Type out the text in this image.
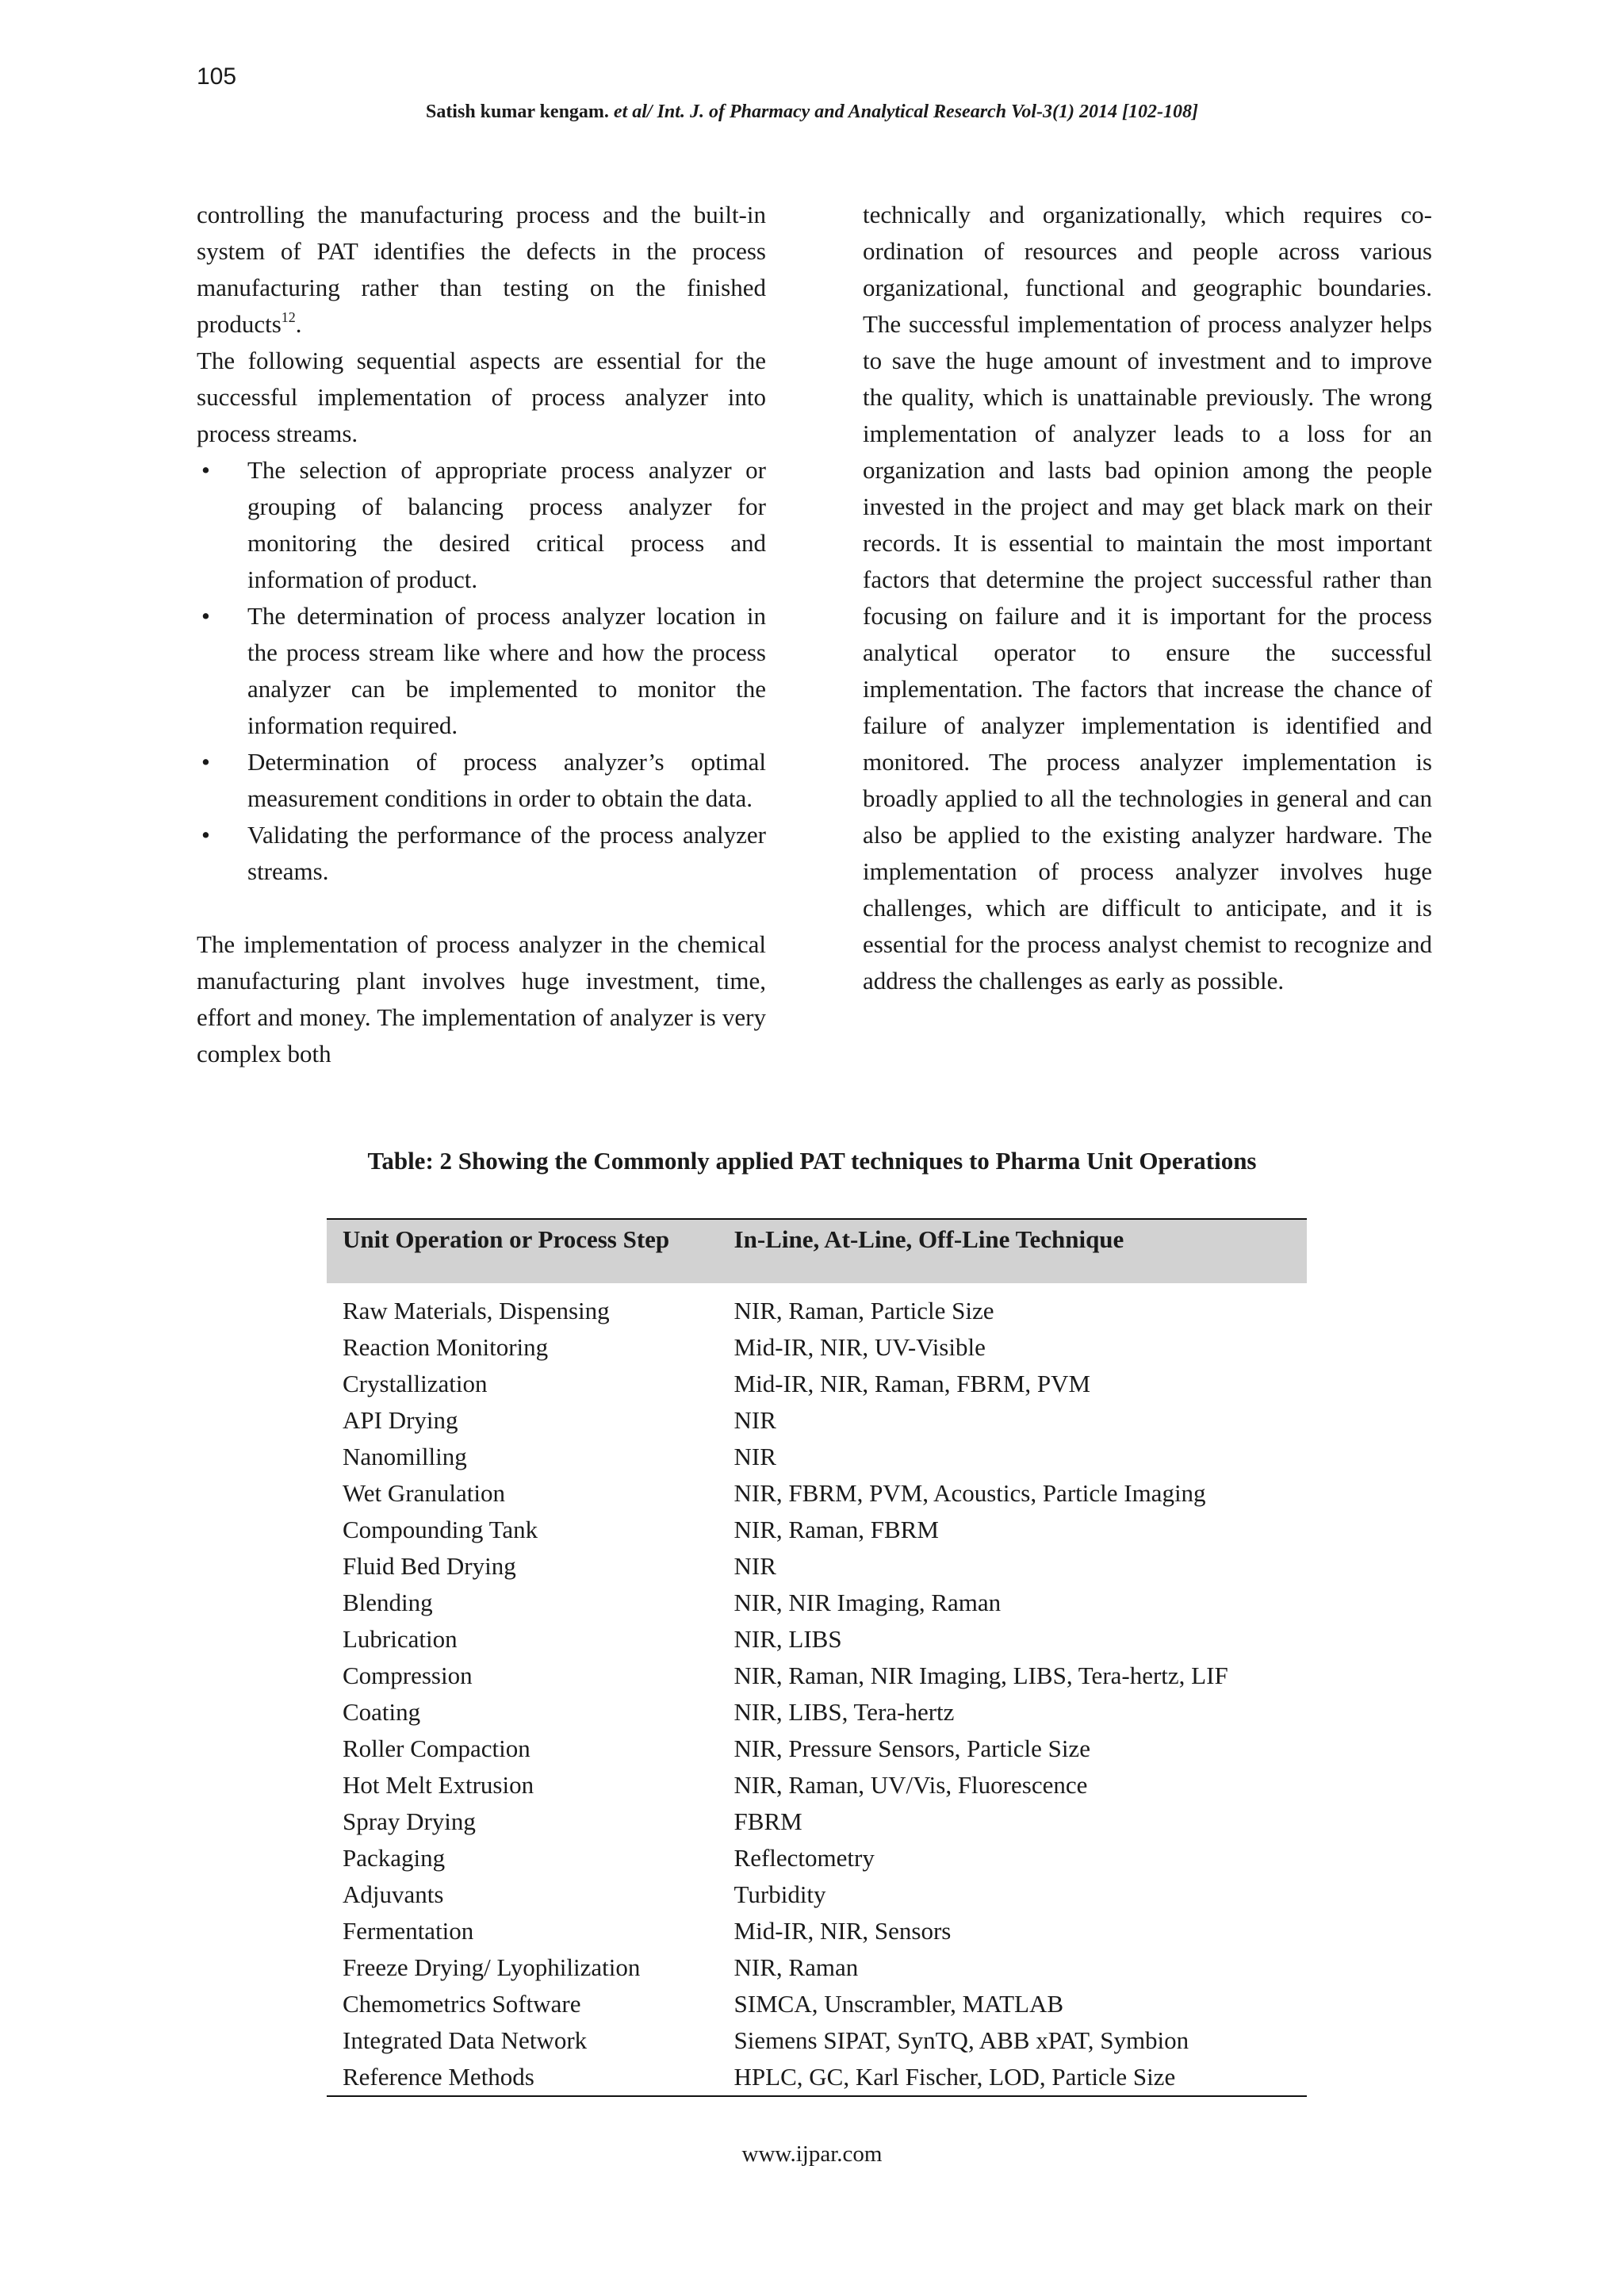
105
Satish kumar kengam. et al/ Int. J. of Pharmacy and Analytical Research Vol-3(1) 2014 [102-108]

controlling the manufacturing process and the built-in system of PAT identifies the defects in the process manufacturing rather than testing on the finished products$^{12}$.

The following sequential aspects are essential for the successful implementation of process analyzer into process streams.

• The selection of appropriate process analyzer or grouping of balancing process analyzer for monitoring the desired critical process and information of product.
• The determination of process analyzer location in the process stream like where and how the process analyzer can be implemented to monitor the information required.
• Determination of process analyzer’s optimal measurement conditions in order to obtain the data.
• Validating the performance of the process analyzer streams.

The implementation of process analyzer in the chemical manufacturing plant involves huge investment, time, effort and money. The implementation of analyzer is very complex both

technically and organizationally, which requires co-ordination of resources and people across various organizational, functional and geographic boundaries. The successful implementation of process analyzer helps to save the huge amount of investment and to improve the quality, which is unattainable previously. The wrong implementation of analyzer leads to a loss for an organization and lasts bad opinion among the people invested in the project and may get black mark on their records. It is essential to maintain the most important factors that determine the project successful rather than focusing on failure and it is important for the process analytical operator to ensure the successful implementation. The factors that increase the chance of failure of analyzer implementation is identified and monitored. The process analyzer implementation is broadly applied to all the technologies in general and can also be applied to the existing analyzer hardware. The implementation of process analyzer involves huge challenges, which are difficult to anticipate, and it is essential for the process analyst chemist to recognize and address the challenges as early as possible.

Table: 2 Showing the Commonly applied PAT techniques to Pharma Unit Operations
Unit Operation or Process Step	In-Line, At-Line, Off-Line Technique
Raw Materials, Dispensing	NIR, Raman, Particle Size
Reaction Monitoring	Mid-IR, NIR, UV-Visible
Crystallization	Mid-IR, NIR, Raman, FBRM, PVM
API Drying	NIR
Nanomilling	NIR
Wet Granulation	NIR, FBRM, PVM, Acoustics, Particle Imaging
Compounding Tank	NIR, Raman, FBRM
Fluid Bed Drying	NIR
Blending	NIR, NIR Imaging, Raman
Lubrication	NIR, LIBS
Compression	NIR, Raman, NIR Imaging, LIBS, Tera-hertz, LIF
Coating	NIR, LIBS, Tera-hertz
Roller Compaction	NIR, Pressure Sensors, Particle Size
Hot Melt Extrusion	NIR, Raman, UV/Vis, Fluorescence
Spray Drying	FBRM
Packaging	Reflectometry
Adjuvants	Turbidity
Fermentation	Mid-IR, NIR, Sensors
Freeze Drying/ Lyophilization	NIR, Raman
Chemometrics Software	SIMCA, Unscrambler, MATLAB
Integrated Data Network	Siemens SIPAT, SynTQ, ABB xPAT, Symbion
Reference Methods	HPLC, GC, Karl Fischer, LOD, Particle Size
www.ijpar.com
